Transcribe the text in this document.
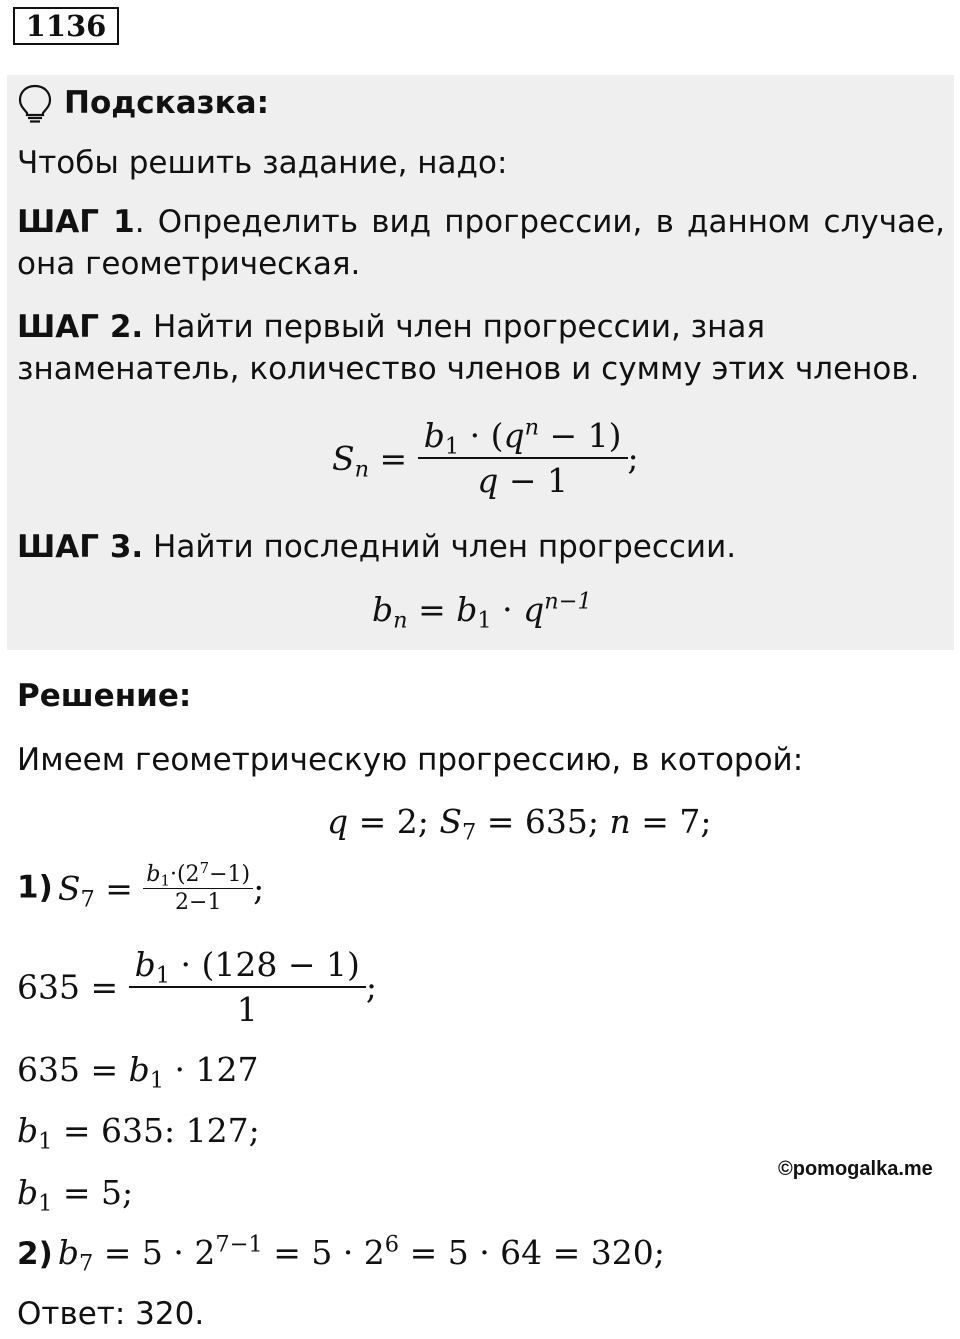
1136
Подсказка:
Чтобы решить задание, надо:
ШАГ 1. Определить вид прогрессии, в данном случае, она геометрическая.
ШАГ 2. Найти первый член прогрессии, зная знаменатель, количество членов и сумму этих членов.
$S_n = \frac{b_1 \cdot (q^n - 1)}{q - 1}$ ;
ШАГ 3. Найти последний член прогрессии.
$b_n = b_1 \cdot q^{n-1}$
Решение:
Имеем геометрическую прогрессию, в которой:
q = 2; $S_7 = 635$; n = 7;
1) $S_7 = \frac{b_1\cdot(2^7-1)}{2-1}$ ;
$635 = \frac{b_1 \cdot (128 - 1)}{1}$ ;
$635 = b_1 \cdot 127$
$b_1 = 635$: 127;
$b_1 = 5$;
©pomogalka.me
2) $b_7 = 5 \cdot 2^{7-1} = 5 \cdot 2^6 = 5 \cdot 64 = 320$;
Ответ: 320.
